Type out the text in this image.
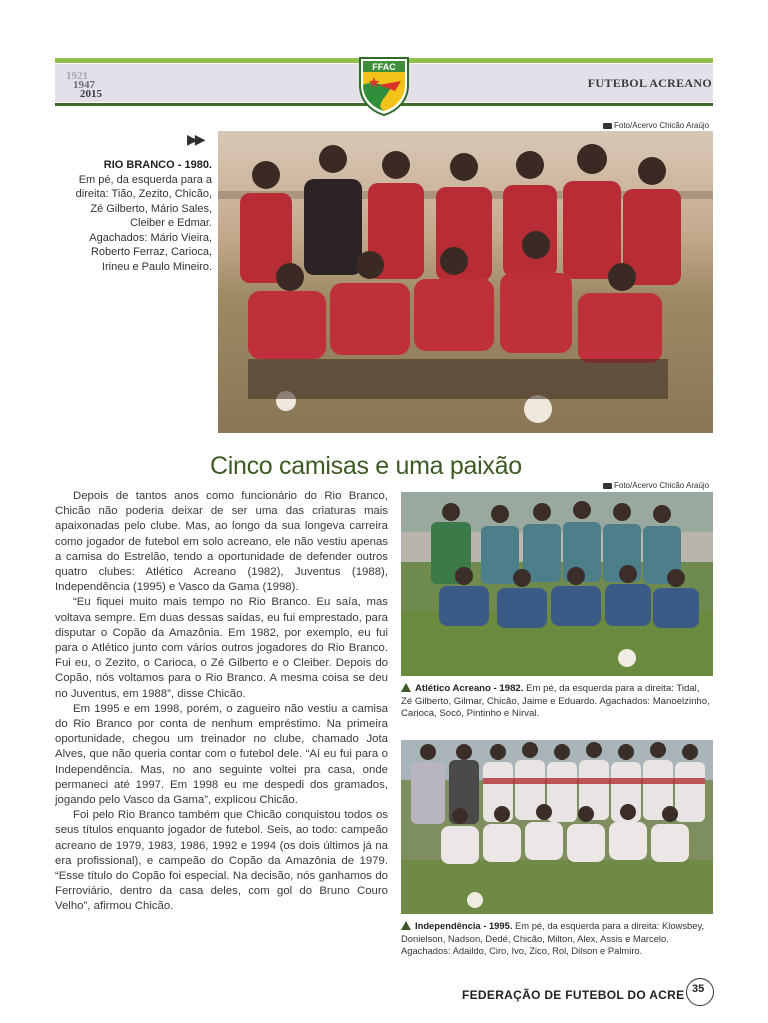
1921
1947
2015
FUTEBOL ACREANO
FFAC
Foto/Acervo Chicão Araújo
▶▶
RIO BRANCO - 1980.
Em pé, da esquerda para a direita: Tião, Zezito, Chicão, Zé Gilberto, Mário Sales, Cleiber e Edmar. Agachados: Mário Vieira, Roberto Ferraz, Carioca, Irineu e Paulo Mineiro.
Cinco camisas e uma paixão

Depois de tantos anos como funcionário do Rio Branco, Chicão não poderia deixar de ser uma das criaturas mais apaixonadas pelo clube. Mas, ao longo da sua longeva carreira como jogador de futebol em solo acreano, ele não vestiu apenas a camisa do Estrelão, tendo a oportunidade de defender outros quatro clubes: Atlético Acreano (1982), Juventus (1988), Independência (1995) e Vasco da Gama (1998).

“Eu fiquei muito mais tempo no Rio Branco. Eu saía, mas voltava sempre. Em duas dessas saídas, eu fui emprestado, para disputar o Copão da Amazônia. Em 1982, por exemplo, eu fui para o Atlético junto com vários outros jogadores do Rio Branco. Fui eu, o Zezito, o Carioca, o Zé Gilberto e o Cleiber. Depois do Copão, nós voltamos para o Rio Branco. A mesma coisa se deu no Juventus, em 1988”, disse Chicão.

Em 1995 e em 1998, porém, o zagueiro não vestiu a camisa do Rio Branco por conta de nenhum empréstimo. Na primeira oportunidade, chegou um treinador no clube, chamado Jota Alves, que não queria contar com o futebol dele. “Aí eu fui para o Independência. Mas, no ano seguinte voltei pra casa, onde permaneci até 1997. Em 1998 eu me despedi dos gramados, jogando pelo Vasco da Gama”, explicou Chicão.

Foi pelo Rio Branco também que Chicão conquistou todos os seus títulos enquanto jogador de futebol. Seis, ao todo: campeão acreano de 1979, 1983, 1986, 1992 e 1994 (os dois últimos já na era profissional), e campeão do Copão da Amazônia de 1979. “Esse título do Copão foi especial. Na decisão, nós ganhamos do Ferroviário, dentro da casa deles, com gol do Bruno Couro Velho”, afirmou Chicão.

Foto/Acervo Chicão Araújo
Atlético Acreano - 1982. Em pé, da esquerda para a direita: Tidal, Zé Gilberto, Gilmar, Chicão, Jaime e Eduardo. Agachados: Manoelzinho, Carioca, Socó, Pintinho e Nirval.
Independência - 1995. Em pé, da esquerda para a direita: Klowsbey, Donielson, Nadson, Dedé, Chicão, Milton, Alex, Assis e Marcelo. Agachados: Adaildo, Ciro, Ivo, Zico, Rol, Dilson e Palmiro.
FEDERAÇÃO DE FUTEBOL DO ACRE 35
